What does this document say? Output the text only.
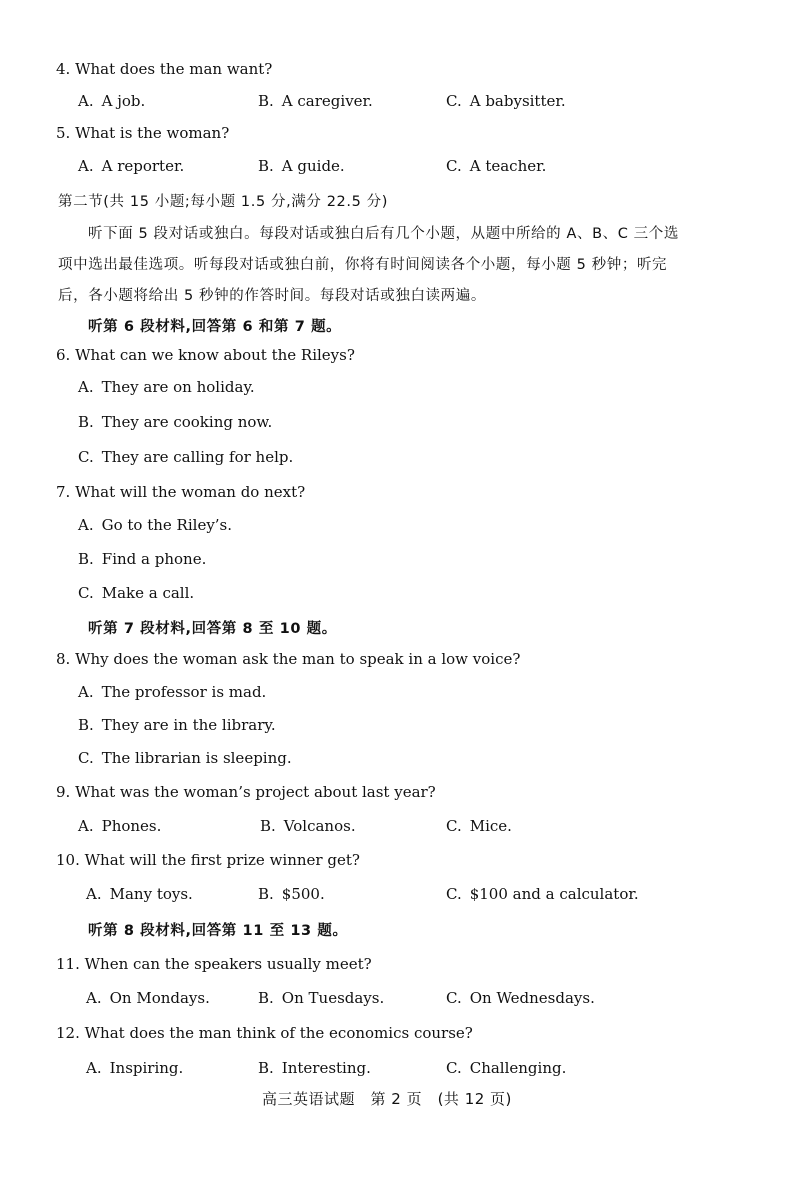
4. What does the man want?
A. A job.	B. A caregiver.	C. A babysitter.
5. What is the woman?
A. A reporter.	B. A guide.	C. A teacher.
第二节(共 15 小题;每小题 1.5 分,满分 22.5 分)
听下面 5 段对话或独白。每段对话或独白后有几个小题，从题中所给的 A、B、C 三个选
项中选出最佳选项。听每段对话或独白前，你将有时间阅读各个小题，每小题 5 秒钟；听完
后，各小题将给出 5 秒钟的作答时间。每段对话或独白读两遍。
听第 6 段材料,回答第 6 和第 7 题。
6. What can we know about the Rileys?
A. They are on holiday.
B. They are cooking now.
C. They are calling for help.
7. What will the woman do next?
A. Go to the Riley’s.
B. Find a phone.
C. Make a call.
听第 7 段材料,回答第 8 至 10 题。
8. Why does the woman ask the man to speak in a low voice?
A. The professor is mad.
B. They are in the library.
C. The librarian is sleeping.
9. What was the woman’s project about last year?
A. Phones.	B. Volcanos.	C. Mice.
10. What will the first prize winner get?
A. Many toys.	B. $500.	C. $100 and a calculator.
听第 8 段材料,回答第 11 至 13 题。
11. When can the speakers usually meet?
A. On Mondays.	B. On Tuesdays.	C. On Wednesdays.
12. What does the man think of the economics course?
A. Inspiring.	B. Interesting.	C. Challenging.
高三英语试题　第 2 页　(共 12 页)
